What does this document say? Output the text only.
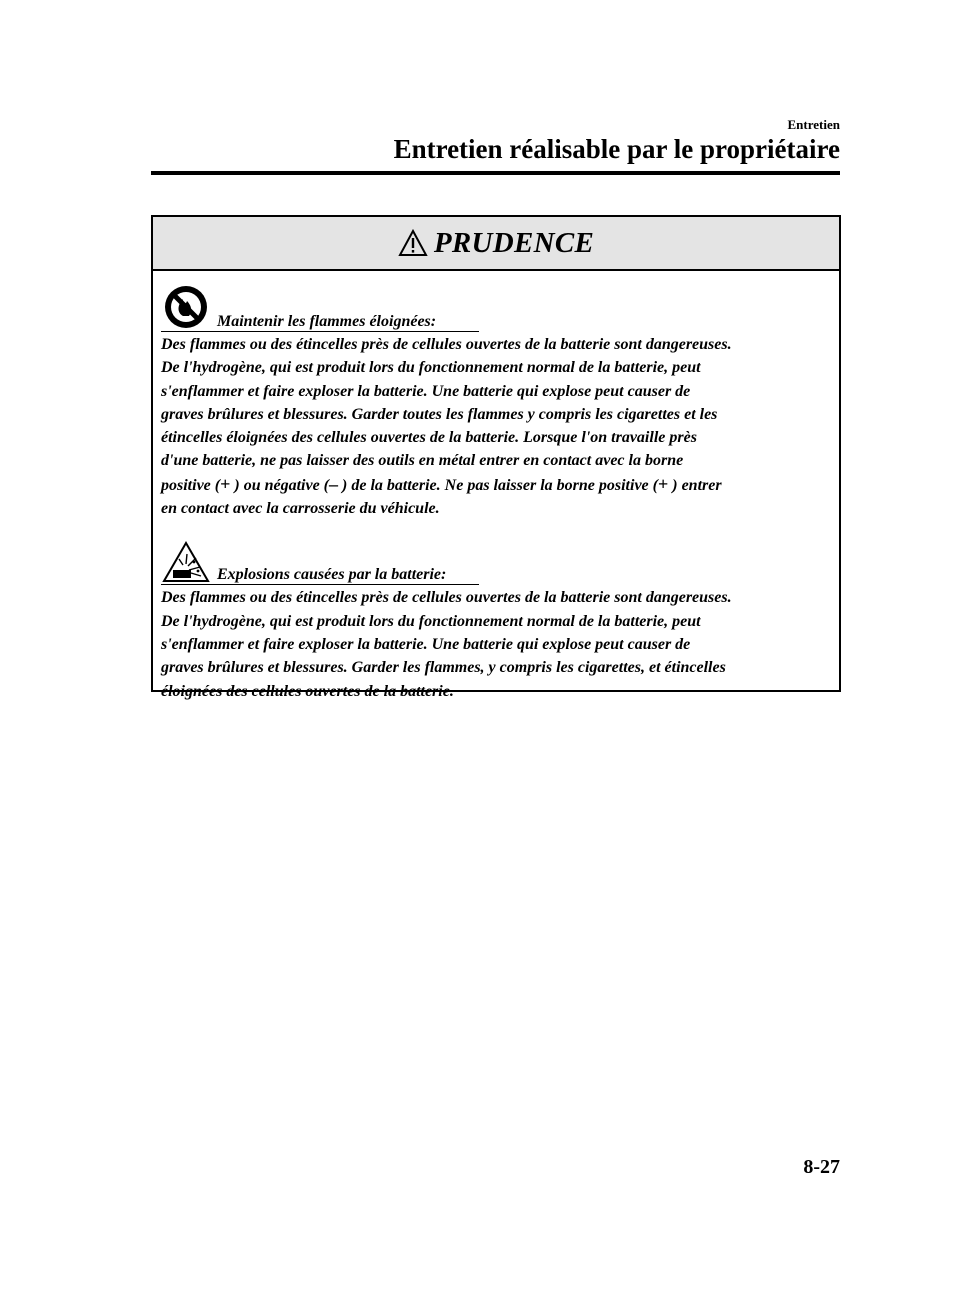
Entretien
Entretien réalisable par le propriétaire
PRUDENCE
Maintenir les flammes éloignées:

Des flammes ou des étincelles près de cellules ouvertes de la batterie sont dangereuses.

De l'hydrogène, qui est produit lors du fonctionnement normal de la batterie, peut

s'enflammer et faire exploser la batterie. Une batterie qui explose peut causer de

graves brûlures et blessures. Garder toutes les flammes y compris les cigarettes et les

étincelles éloignées des cellules ouvertes de la batterie. Lorsque l'on travaille près

d'une batterie, ne pas laisser des outils en métal entrer en contact avec la borne

positive (+ ) ou négative (– ) de la batterie. Ne pas laisser la borne positive (+ ) entrer

en contact avec la carrosserie du véhicule.

Explosions causées par la batterie:

Des flammes ou des étincelles près de cellules ouvertes de la batterie sont dangereuses.

De l'hydrogène, qui est produit lors du fonctionnement normal de la batterie, peut

s'enflammer et faire exploser la batterie. Une batterie qui explose peut causer de

graves brûlures et blessures. Garder les flammes, y compris les cigarettes, et étincelles

éloignées des cellules ouvertes de la batterie.

8-27
